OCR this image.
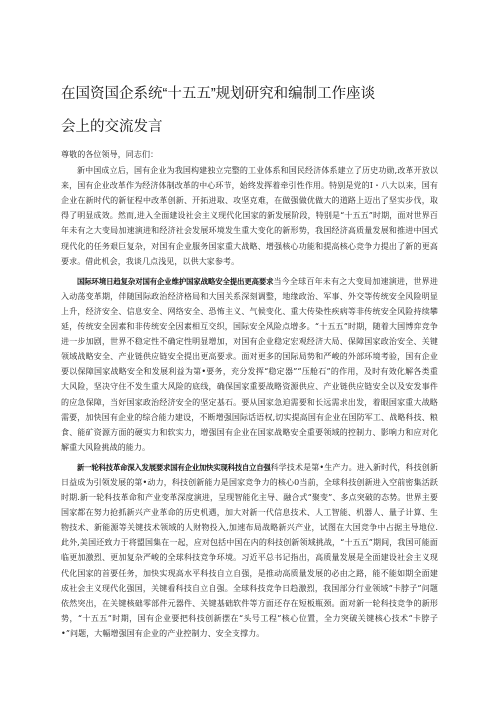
在国资国企系统“十五五”规划研究和编制工作座谈
会上的交流发言

尊敬的各位领导，同志们：

新中国成立后，国有企业为我国构建独立完整的工业体系和国民经济体系建立了历史功勋,改革开放以来，国有企业改革作为经济体制改革的中心环节，始终发挥着牵引性作用。特别是党的I・八大以来，国有企业在新时代的新征程中改革创新、开拓进取、攻坚克难，在做强做优做大的道路上迈出了坚实步伐，取得了明显成效。然而,进入全面建设社会主义现代化国家的新发展阶段，特别是“十五五”时期，面对世界百年未有之大变局加速演进和经济社会发展环境发生重大变化的新形势，我国经济高质量发展和推进中国式现代化的任务艰巨复杂，对国有企业服务国家重大战略、增强核心功能和提高核心竞争力提出了新的更高要求。借此机会，我谈几点浅见，以供大家参考。

国际环境日趋复杂对国有企业维护国家战略安全提出更高要求当今全球百年未有之大变局加速演进，世界进入动荡变革期，伴随国际政治经济格局和大国关系深刻调整，地缘政治、军事、外交等传统安全风险明显上升，经济安全、信息安全、网络安全、恐怖主义、气候变化、重大传染性疾病等非传统安全风险持续攀延，传统安全因素和非传统安全因素相互交织，国际安全风险点增多。“十五五”时期，随着大国博弈竞争进一步加剧，世界不稳定性不确定性明显增加，对国有企业稳定宏观经济大局、保障国家政治安全、关键领域战略安全、产业链供应链安全提出更高要求。面对更多的国际局势和严峻的外部环境考验，国有企业要以保障国家战略安全和发展利益为第•要务，充分发挥“稳定器”“压舱石”的作用，及时有效化解各类重大风险，坚决守住不发生重大风险的底线，确保国家重要战略资源供应、产业链供应链安全以及安发事件的应急保障，当好国家政治经济安全的坚定基石。要从国家急迫需要和长远需求出发，着眼国家重大战略需要，加快国有企业的综合能力建设，不断增强国际话语权,切实提高国有企业在国防军工、战略科技、粮食、能矿资源方面的硬实力和软实力，增强国有企业在国家战略安全重要领域的控制力、影响力和应对化解重大风险挑战的能力。

新一轮科技革命深入发展要求国有企业加快实现科技自立自强科学技术是第•生产力。进入新时代，科技创新日益成为引领发展的第•动力，科技创新能力是国家竞争力的核心0当前，全球科技创新进入空前密集活跃时期.新一轮科技革命和产业变革深度演进，呈现智能化主导、融合式“聚变”、多点突破的态势。世界主要国家都在努力抢抓新兴产业革命的历史机遇，加大对新一代信息技术、人工智能、机器人、量子计算、生物技术、新能源等关键技术领域的人财物投入,加速布局战略新兴产业，试图在大国竞争中占据主导地位. 此外,美国还致力于将盟国集在一起，应对包括中国在内的科技创新领域挑战，“十五五”期间，我国可能面临更加激烈、更加复杂严峻的全球科技竞争环境。习近平总书记指出，高质量发展是全面建设社会主义现代化国家的首要任务，加快实现高水平科技自立自强，是推动高质量发展的必由之路，能不能如期全面建成社会主义现代化强国，关键看科技自立自强。全球科技竞争日趋激烈，我国部分行业领域“卡脖子”问题依然突出，在关键核础零部件元器件、关键基础软件等方面还存在短板瓶颈。面对新一轮科技竞争的新形势，“十五五”时期，国有企业要把科技创新摆在“头号工程”核心位置，全力突破关键核心技术“卡脖子•”问题，大幅增强国有企业的产业控制力、安全支撑力。
